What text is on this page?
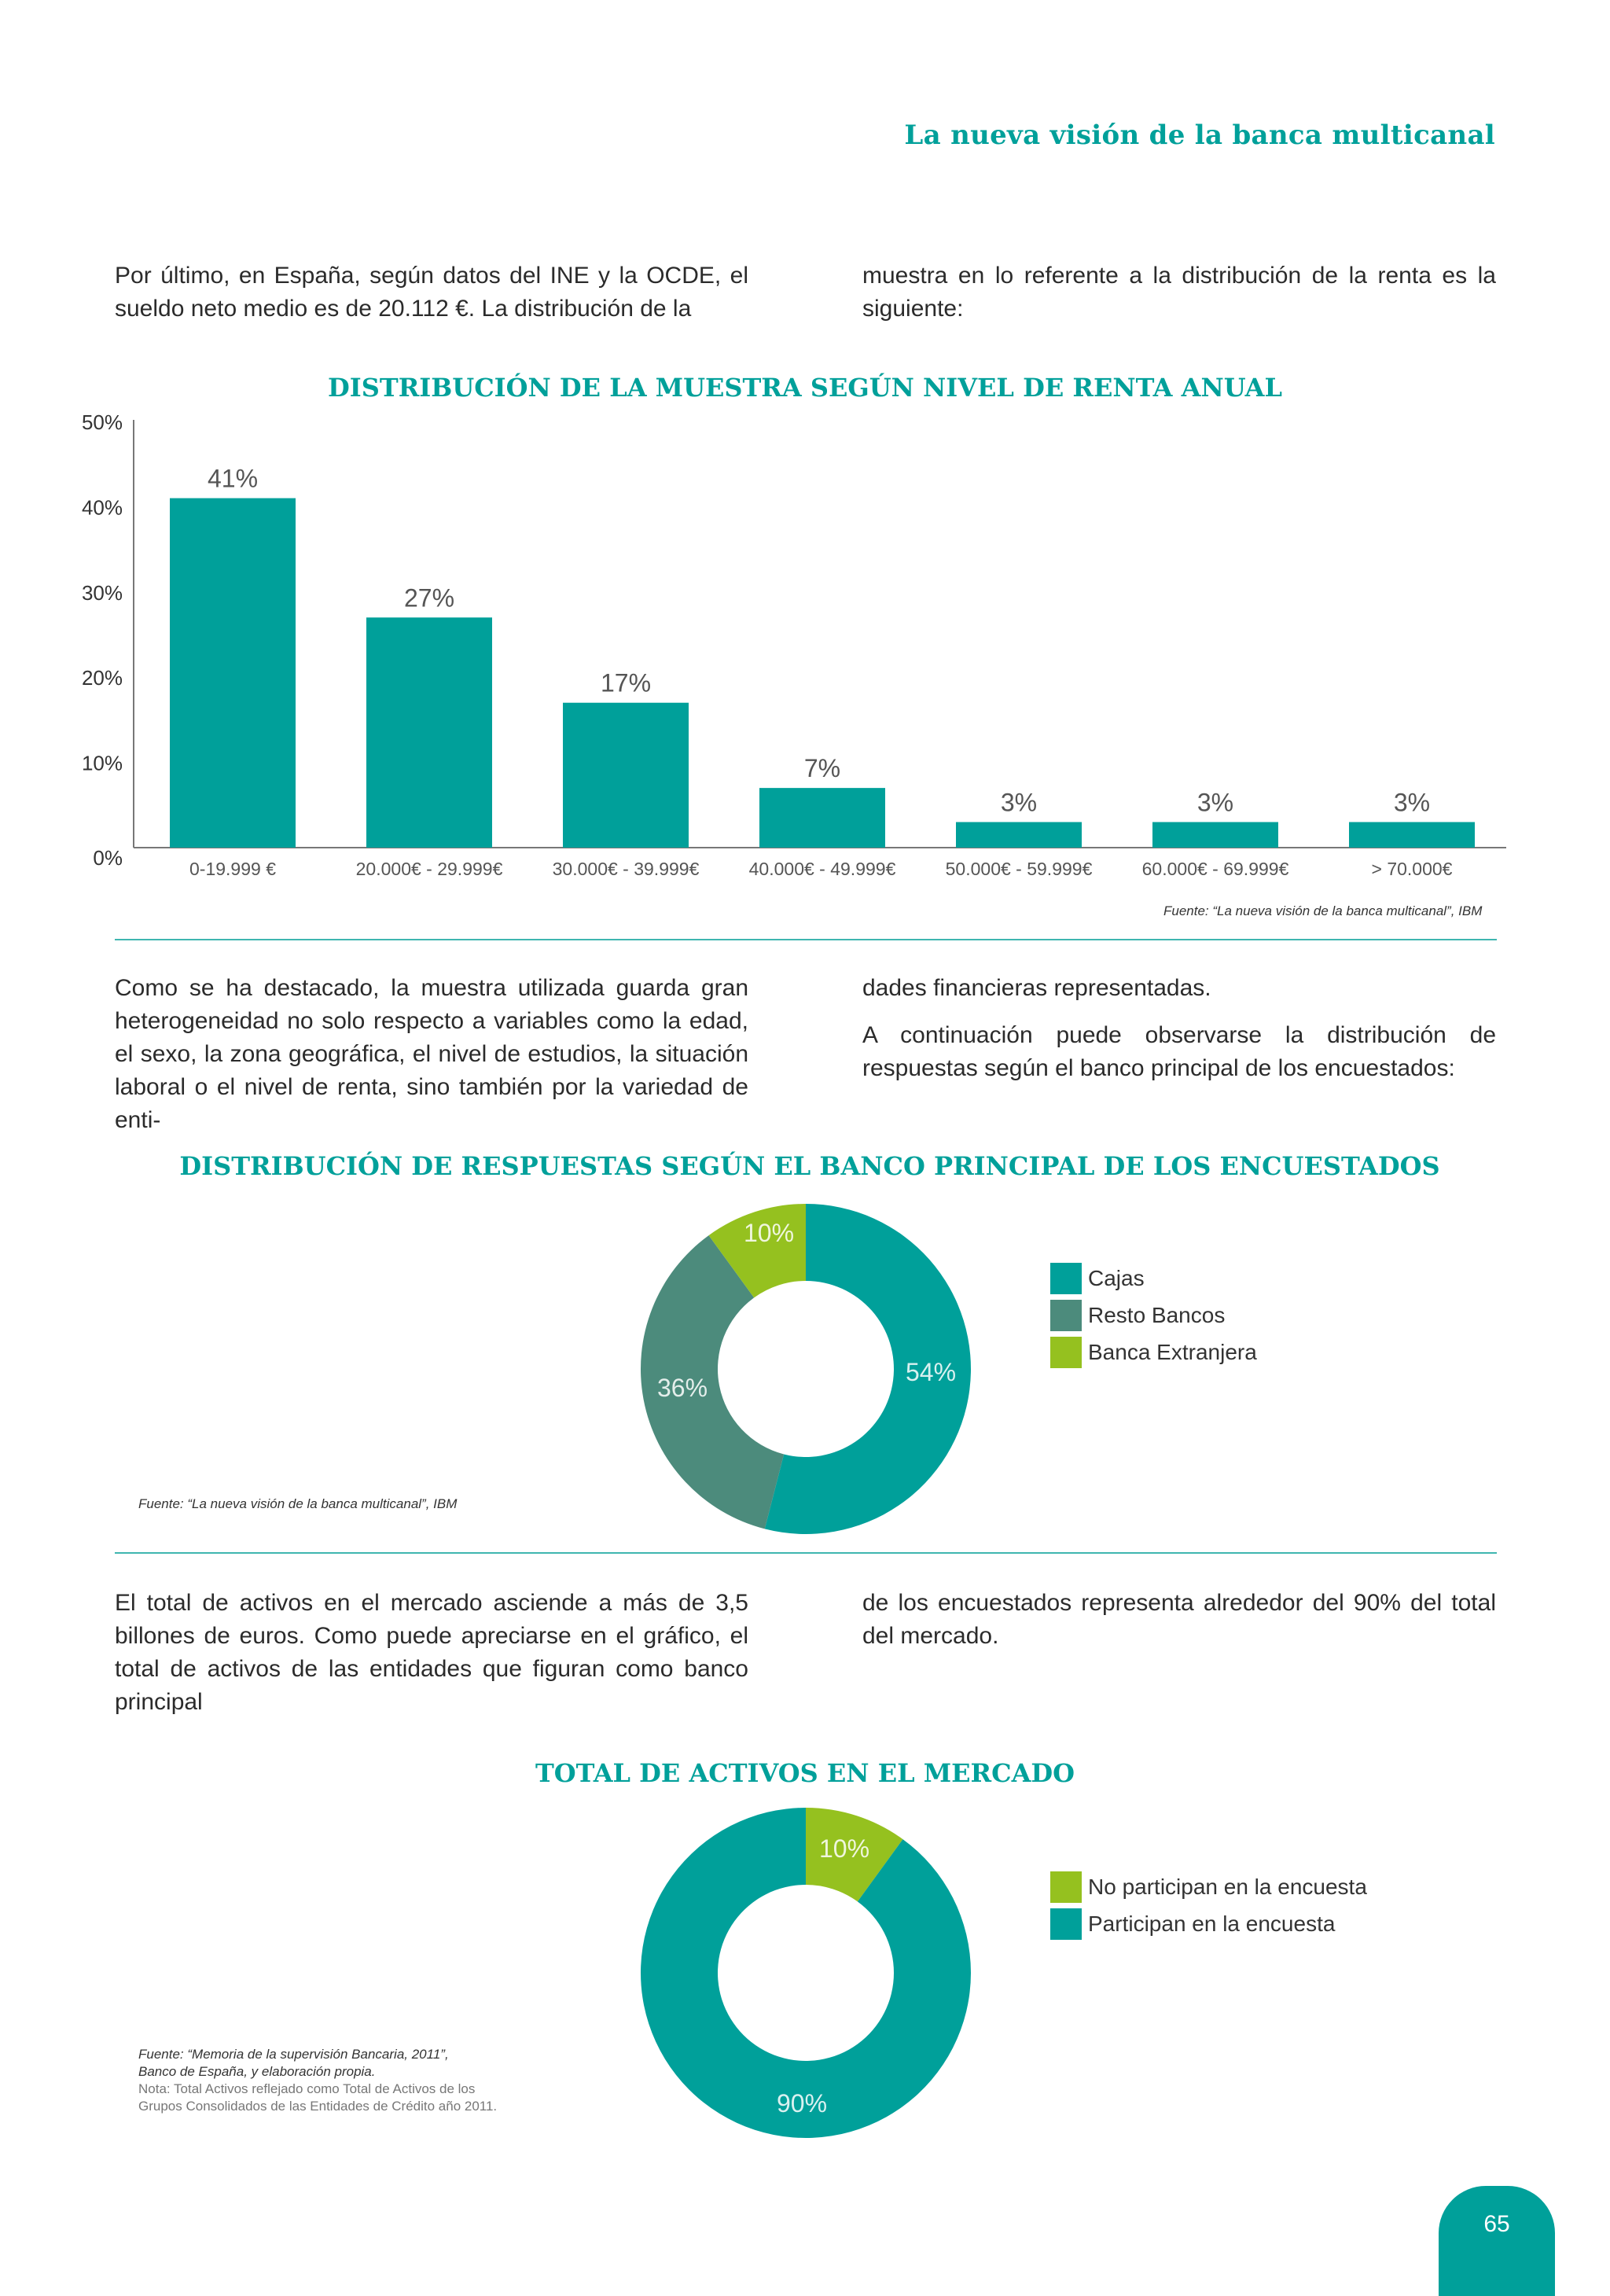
La nueva visión de la banca multicanal

Por último, en España, según datos del INE y la OCDE, el sueldo neto medio es de 20.112 €. La distribución de la

muestra en lo referente a la distribución de la renta es la siguiente:

DISTRIBUCIÓN DE LA MUESTRA SEGÚN NIVEL DE RENTA ANUAL
0%
10%
20%
30%
40%
50%
41%
0-19.999 €
27%
20.000€ - 29.999€
17%
30.000€ - 39.999€
7%
40.000€ - 49.999€
3%
50.000€ - 59.999€
3%
60.000€ - 69.999€
3%
> 70.000€
Fuente: “La nueva visión de la banca multicanal”, IBM

Como se ha destacado, la muestra utilizada guarda gran heterogeneidad no solo respecto a variables como la edad, el sexo, la zona geográfica, el nivel de estudios, la situación laboral o el nivel de renta, sino también por la variedad de enti-

dades financieras representadas.

A continuación puede observarse la distribución de respuestas según el banco principal de los encuestados:

DISTRIBUCIÓN DE RESPUESTAS SEGÚN EL BANCO PRINCIPAL DE LOS ENCUESTADOS
54%
36%
10%
Cajas
Resto Bancos
Banca Extranjera
Fuente: “La nueva visión de la banca multicanal”, IBM

El total de activos en el mercado asciende a más de 3,5 billones de euros. Como puede apreciarse en el gráfico, el total de activos de las entidades que figuran como banco principal

de los encuestados representa alrededor del 90% del total del mercado.

TOTAL DE ACTIVOS EN EL MERCADO
10%
90%
No participan en la encuesta
Participan en la encuesta
Fuente: “Memoria de la supervisión Bancaria, 2011”,
Banco de España, y elaboración propia.
Nota: Total Activos reflejado como Total de Activos de los
Grupos Consolidados de las Entidades de Crédito año 2011.
65
